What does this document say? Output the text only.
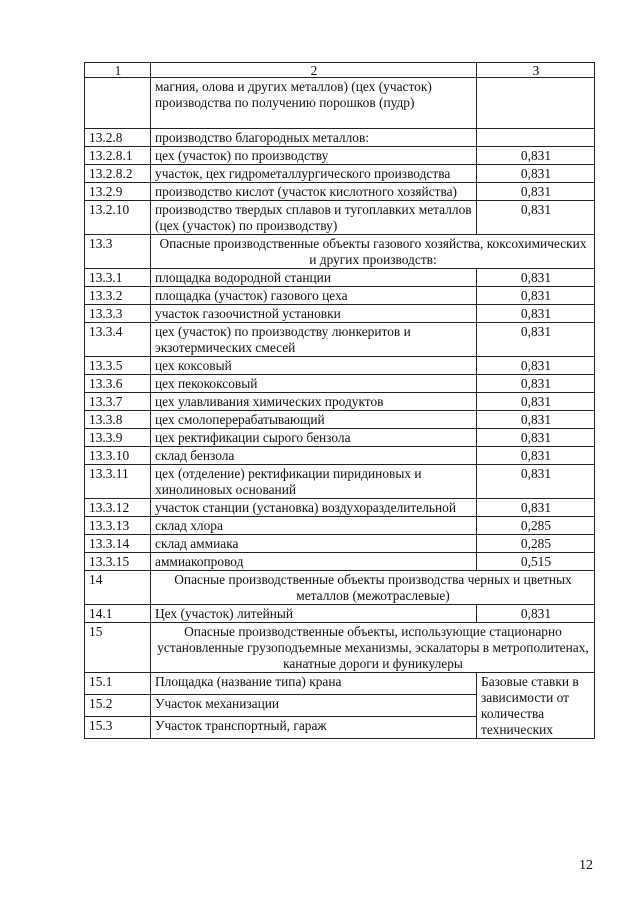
1	2	3
	магния, олова и других металлов) (цех (участок) производства по получению порошков (пудр)	
13.2.8	производство благородных металлов:	
13.2.8.1	цех (участок) по производству	0,831
13.2.8.2	участок, цех гидрометаллургического производства	0,831
13.2.9	производство кислот (участок кислотного хозяйства)	0,831
13.2.10	производство твердых сплавов и тугоплавких металлов (цех (участок) по производству)	0,831
13.3	Опасные производственные объекты газового хозяйства, коксохимических и других производств:	
13.3.1	площадка водородной станции	0,831
13.3.2	площадка (участок) газового цеха	0,831
13.3.3	участок газоочистной установки	0,831
13.3.4	цех (участок) по производству люнкеритов и экзотермических смесей	0,831
13.3.5	цех коксовый	0,831
13.3.6	цех пекококсовый	0,831
13.3.7	цех улавливания химических продуктов	0,831
13.3.8	цех смолоперерабатывающий	0,831
13.3.9	цех ректификации сырого бензола	0,831
13.3.10	склад бензола	0,831
13.3.11	цех (отделение) ректификации пиридиновых и хинолиновых оснований	0,831
13.3.12	участок станции (установка) воздухоразделительной	0,831
13.3.13	склад хлора	0,285
13.3.14	склад аммиака	0,285
13.3.15	аммиакопровод	0,515
14	Опасные производственные объекты производства черных и цветных металлов (межотраслевые)	
14.1	Цех (участок) литейный	0,831
15	Опасные производственные объекты, использующие стационарно установленные грузоподъемные механизмы, эскалаторы в метрополитенах, канатные дороги и фуникулеры	
15.1	Площадка (название типа) крана	Базовые ставки в зависимости от количества технических
15.2	Участок механизации	
15.3	Участок транспортный, гараж	
12
